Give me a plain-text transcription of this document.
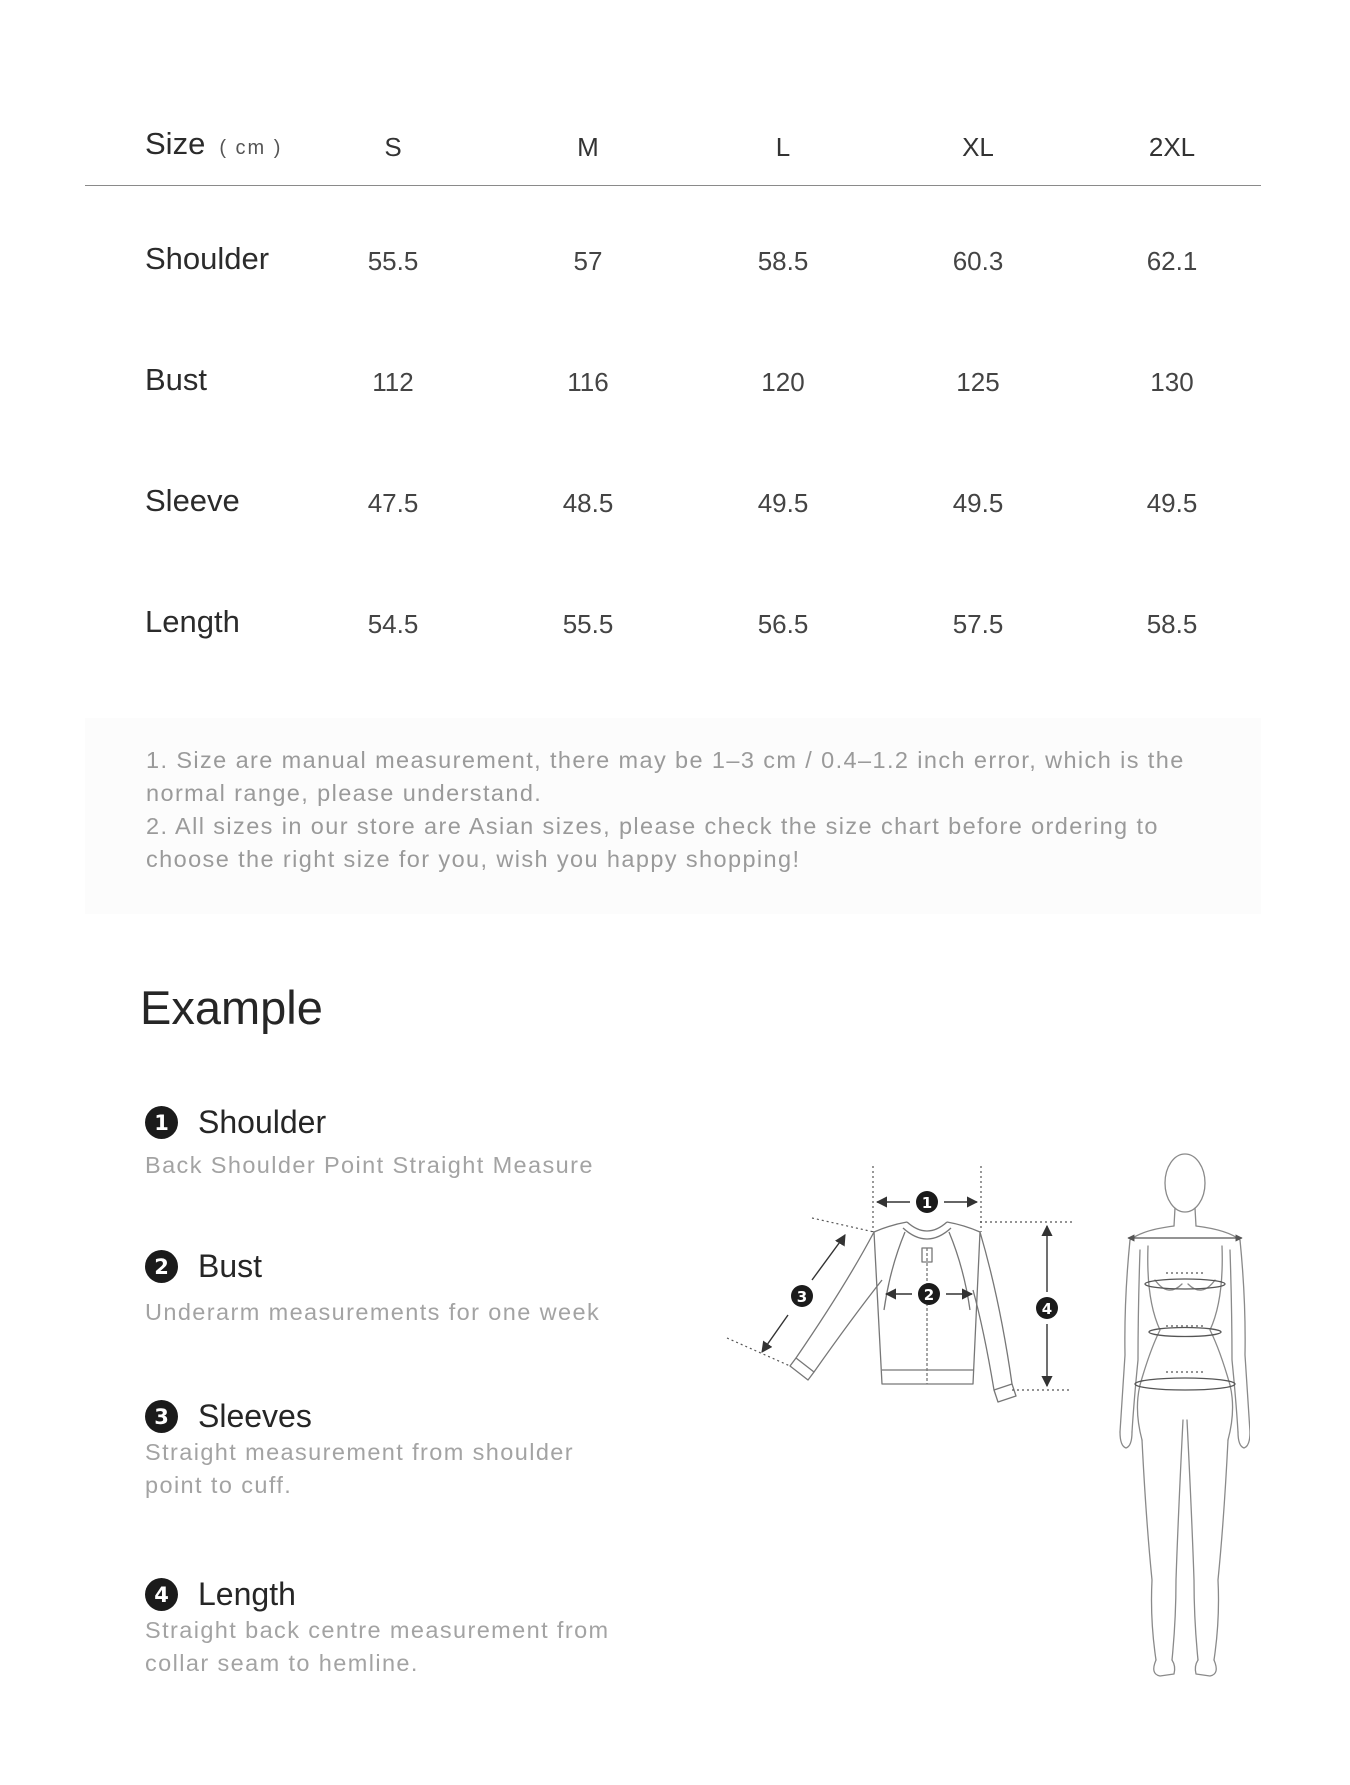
Size ( cm )	S	M	L	XL	2XL
Shoulder	55.5	57	58.5	60.3	62.1
Bust	112	116	120	125	130
Sleeve	47.5	48.5	49.5	49.5	49.5
Length	54.5	55.5	56.5	57.5	58.5

1. Size are manual measurement, there may be 1–3 cm / 0.4–1.2 inch error, which is the normal range, please understand.

2. All sizes in our store are Asian sizes, please check the size chart before ordering to choose the right size for you, wish you happy shopping!

Example
1 Shoulder
Back Shoulder Point Straight Measure
2 Bust
Underarm measurements for one week
3 Sleeves
Straight measurement from shoulder point to cuff.
4 Length
Straight back centre measurement from collar seam to hemline.
1
2
3
4
